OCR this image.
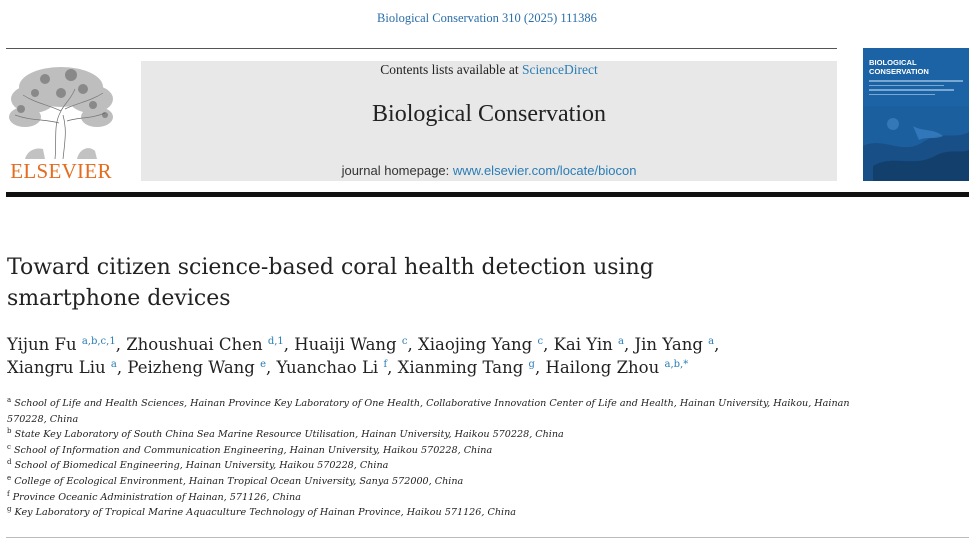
Biological Conservation 310 (2025) 111386
ELSEVIER
Contents lists available at ScienceDirect
Biological Conservation
journal homepage: www.elsevier.com/locate/biocon
BIOLOGICAL
CONSERVATION
Toward citizen science-based coral health detection using
smartphone devices
Yijun Fu $^{a,b,c,1}$, Zhoushuai Chen $^{d,1}$, Huaiji Wang $^c$, Xiaojing Yang $^c$, Kai Yin $^a$, Jin Yang $^a$,
Xiangru Liu $^a$, Peizheng Wang $^e$, Yuanchao Li $^f$, Xianming Tang $^g$, Hailong Zhou $^{a,b,*}$
$^a$ School of Life and Health Sciences, Hainan Province Key Laboratory of One Health, Collaborative Innovation Center of Life and Health, Hainan University, Haikou, Hainan 570228, China
$^b$ State Key Laboratory of South China Sea Marine Resource Utilisation, Hainan University, Haikou 570228, China
$^c$ School of Information and Communication Engineering, Hainan University, Haikou 570228, China
$^d$ School of Biomedical Engineering, Hainan University, Haikou 570228, China
$^e$ College of Ecological Environment, Hainan Tropical Ocean University, Sanya 572000, China
$^f$ Province Oceanic Administration of Hainan, 571126, China
$^g$ Key Laboratory of Tropical Marine Aquaculture Technology of Hainan Province, Haikou 571126, China
